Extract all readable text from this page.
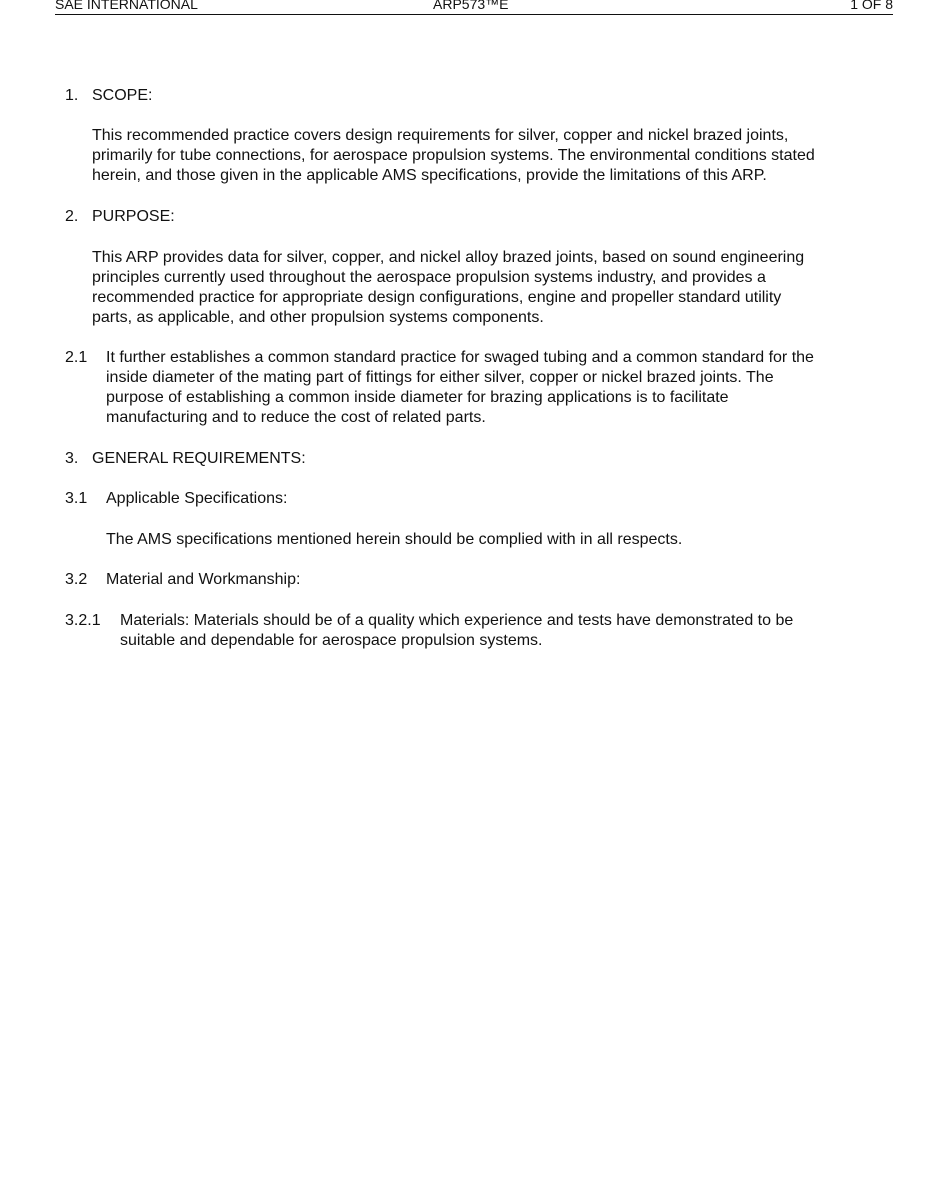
SAE INTERNATIONAL	ARP573™E	1 OF 8
1. SCOPE:
This recommended practice covers design requirements for silver, copper and nickel brazed joints,
primarily for tube connections, for aerospace propulsion systems. The environmental conditions stated
herein, and those given in the applicable AMS specifications, provide the limitations of this ARP.
2. PURPOSE:
This ARP provides data for silver, copper, and nickel alloy brazed joints, based on sound engineering
principles currently used throughout the aerospace propulsion systems industry, and provides a
recommended practice for appropriate design configurations, engine and propeller standard utility
parts, as applicable, and other propulsion systems components.
2.1 It further establishes a common standard practice for swaged tubing and a common standard for the
inside diameter of the mating part of fittings for either silver, copper or nickel brazed joints. The
purpose of establishing a common inside diameter for brazing applications is to facilitate
manufacturing and to reduce the cost of related parts.
3. GENERAL REQUIREMENTS:
3.1 Applicable Specifications:
The AMS specifications mentioned herein should be complied with in all respects.
3.2 Material and Workmanship:
3.2.1 Materials: Materials should be of a quality which experience and tests have demonstrated to be
suitable and dependable for aerospace propulsion systems.
